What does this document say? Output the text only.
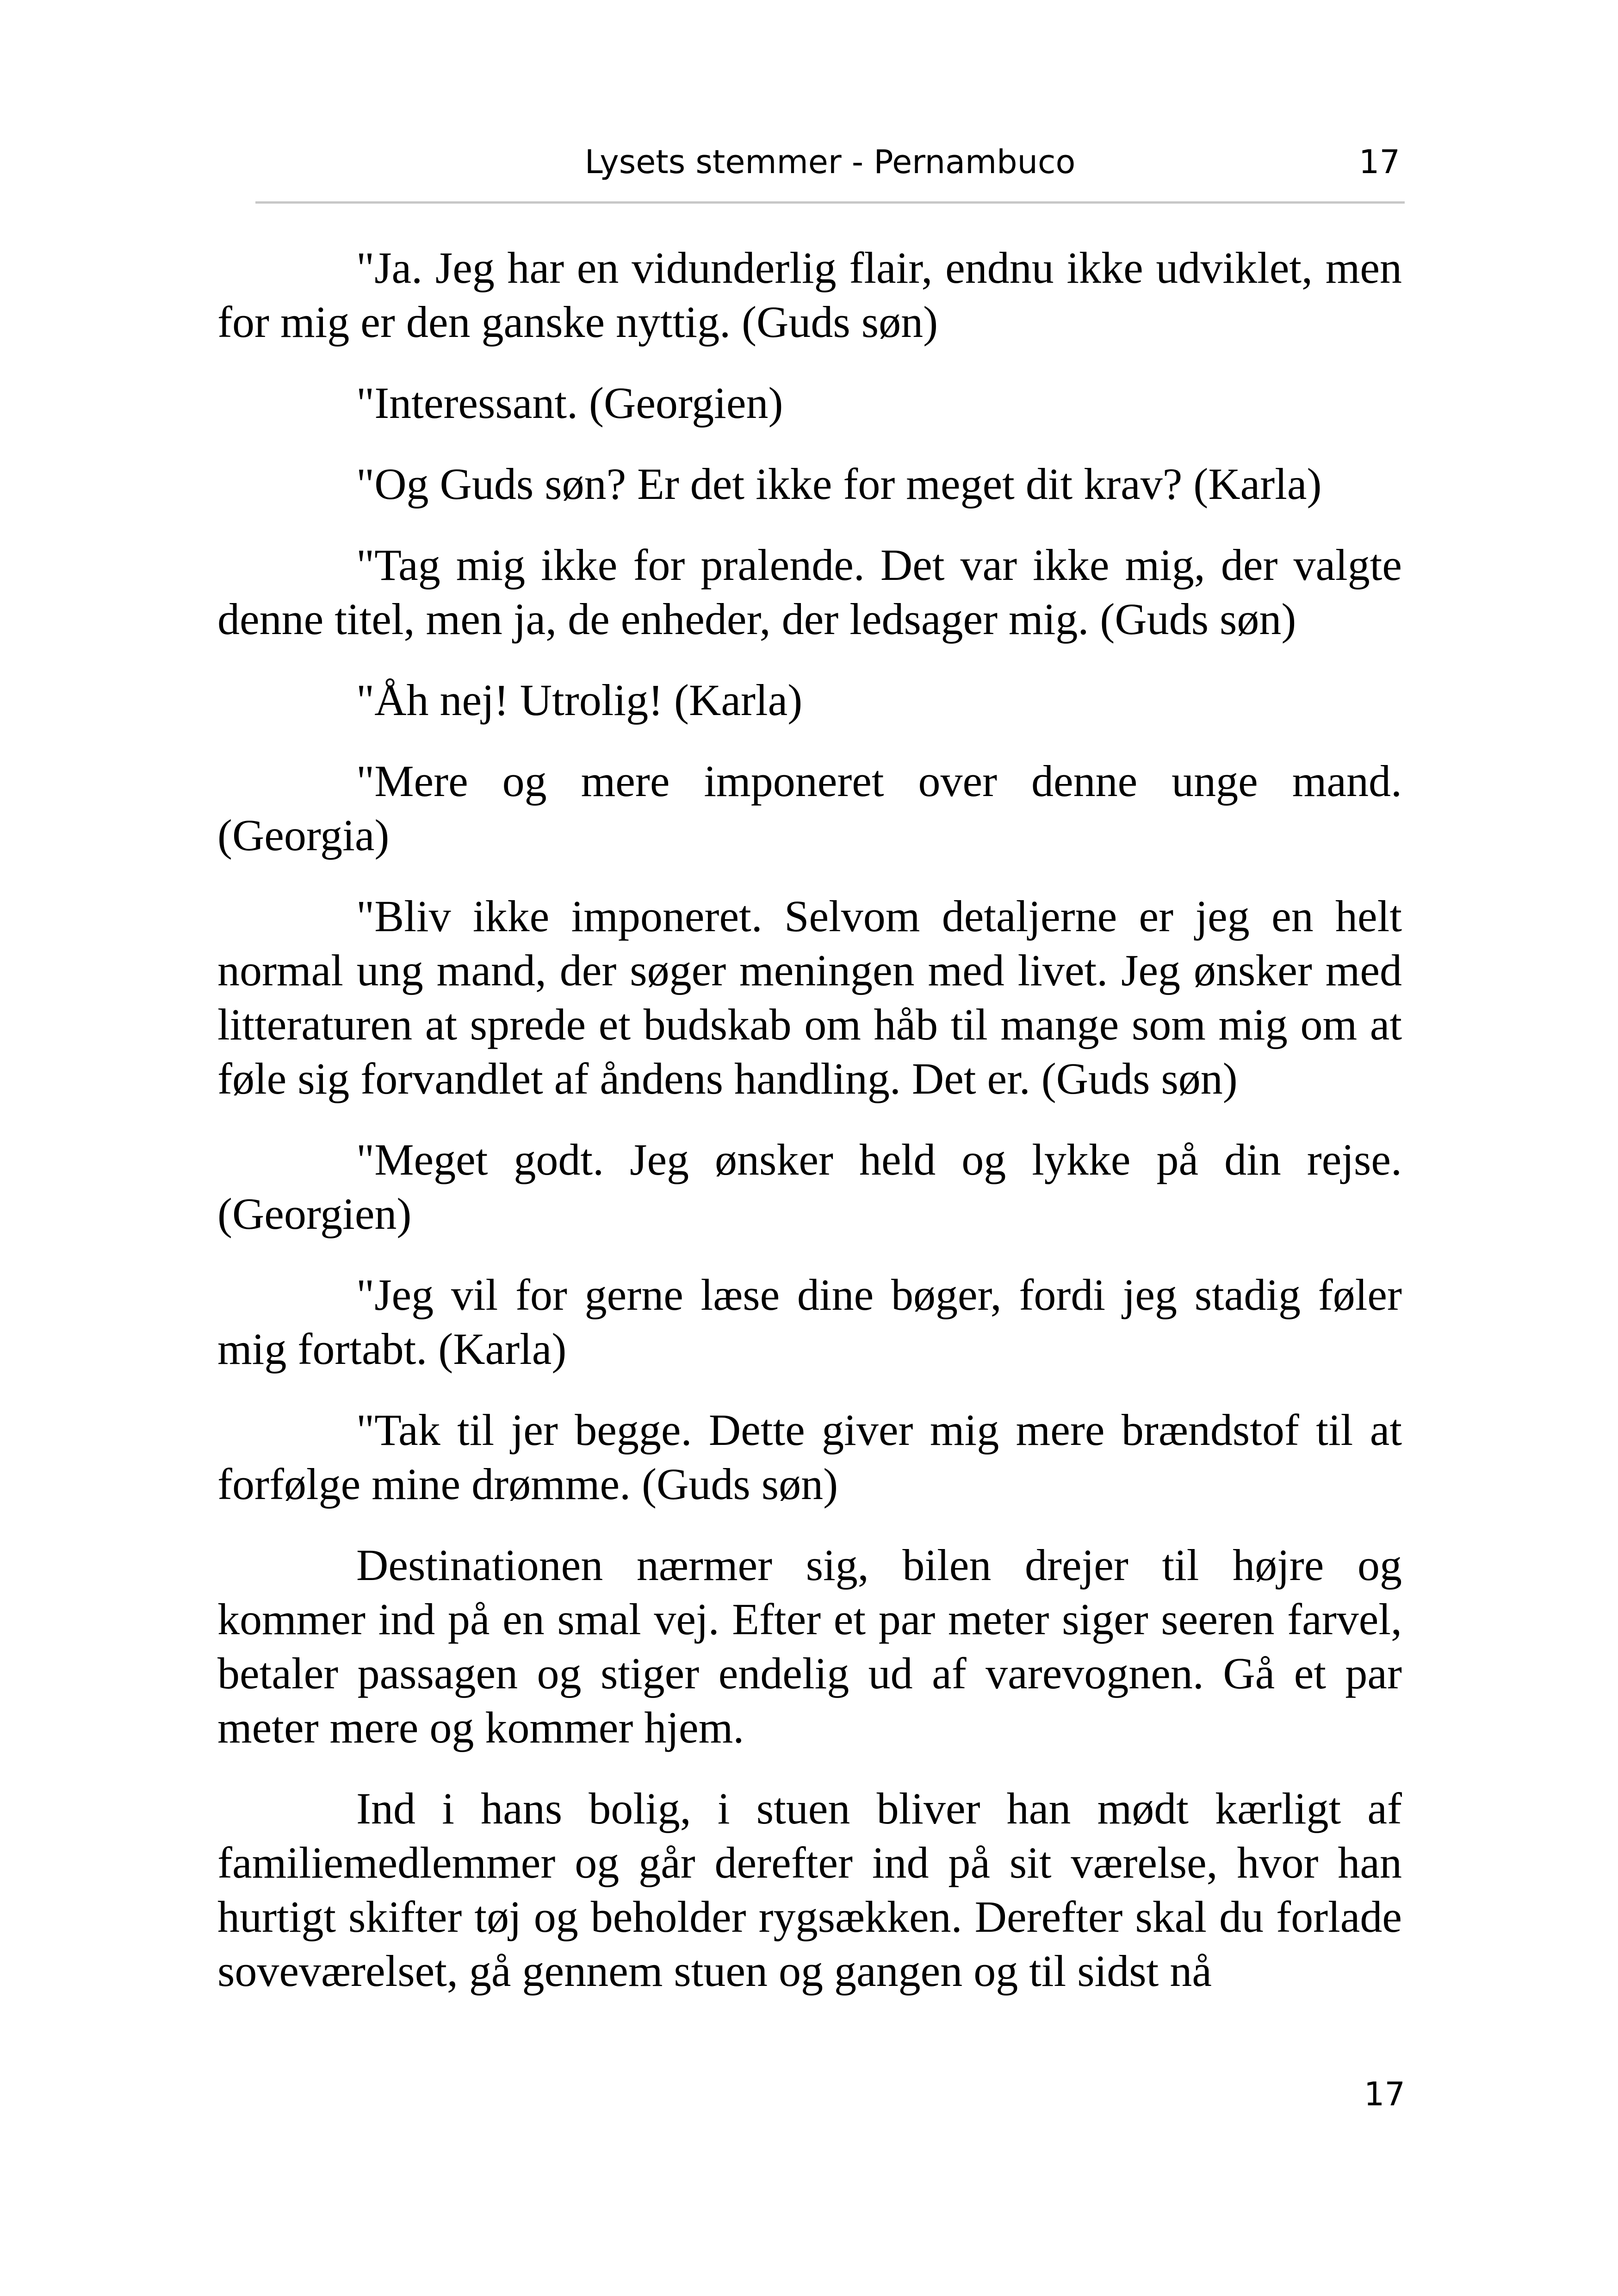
Lysets stemmer - Pernambuco	17

"Ja. Jeg har en vidunderlig flair, endnu ikke udviklet, men for mig er den ganske nyttig. (Guds søn)

"Interessant. (Georgien)

"Og Guds søn? Er det ikke for meget dit krav? (Karla)

"Tag mig ikke for pralende. Det var ikke mig, der valgte denne titel, men ja, de enheder, der ledsager mig. (Guds søn)

"Åh nej! Utrolig! (Karla)

"Mere og mere imponeret over denne unge mand. (Georgia)

"Bliv ikke imponeret. Selvom detaljerne er jeg en helt normal ung mand, der søger meningen med livet. Jeg ønsker med litteraturen at sprede et budskab om håb til mange som mig om at føle sig forvandlet af åndens handling. Det er. (Guds søn)

"Meget godt. Jeg ønsker held og lykke på din rejse. (Georgien)

"Jeg vil for gerne læse dine bøger, fordi jeg stadig føler mig fortabt. (Karla)

"Tak til jer begge. Dette giver mig mere brændstof til at forfølge mine drømme. (Guds søn)

Destinationen nærmer sig, bilen drejer til højre og kommer ind på en smal vej. Efter et par meter siger seeren farvel, betaler passagen og stiger endelig ud af varevognen. Gå et par meter mere og kommer hjem.

Ind i hans bolig, i stuen bliver han mødt kærligt af familiemedlemmer og går derefter ind på sit værelse, hvor han hurtigt skifter tøj og beholder rygsækken. Derefter skal du forlade soveværelset, gå gennem stuen og gangen og til sidst nå

17
